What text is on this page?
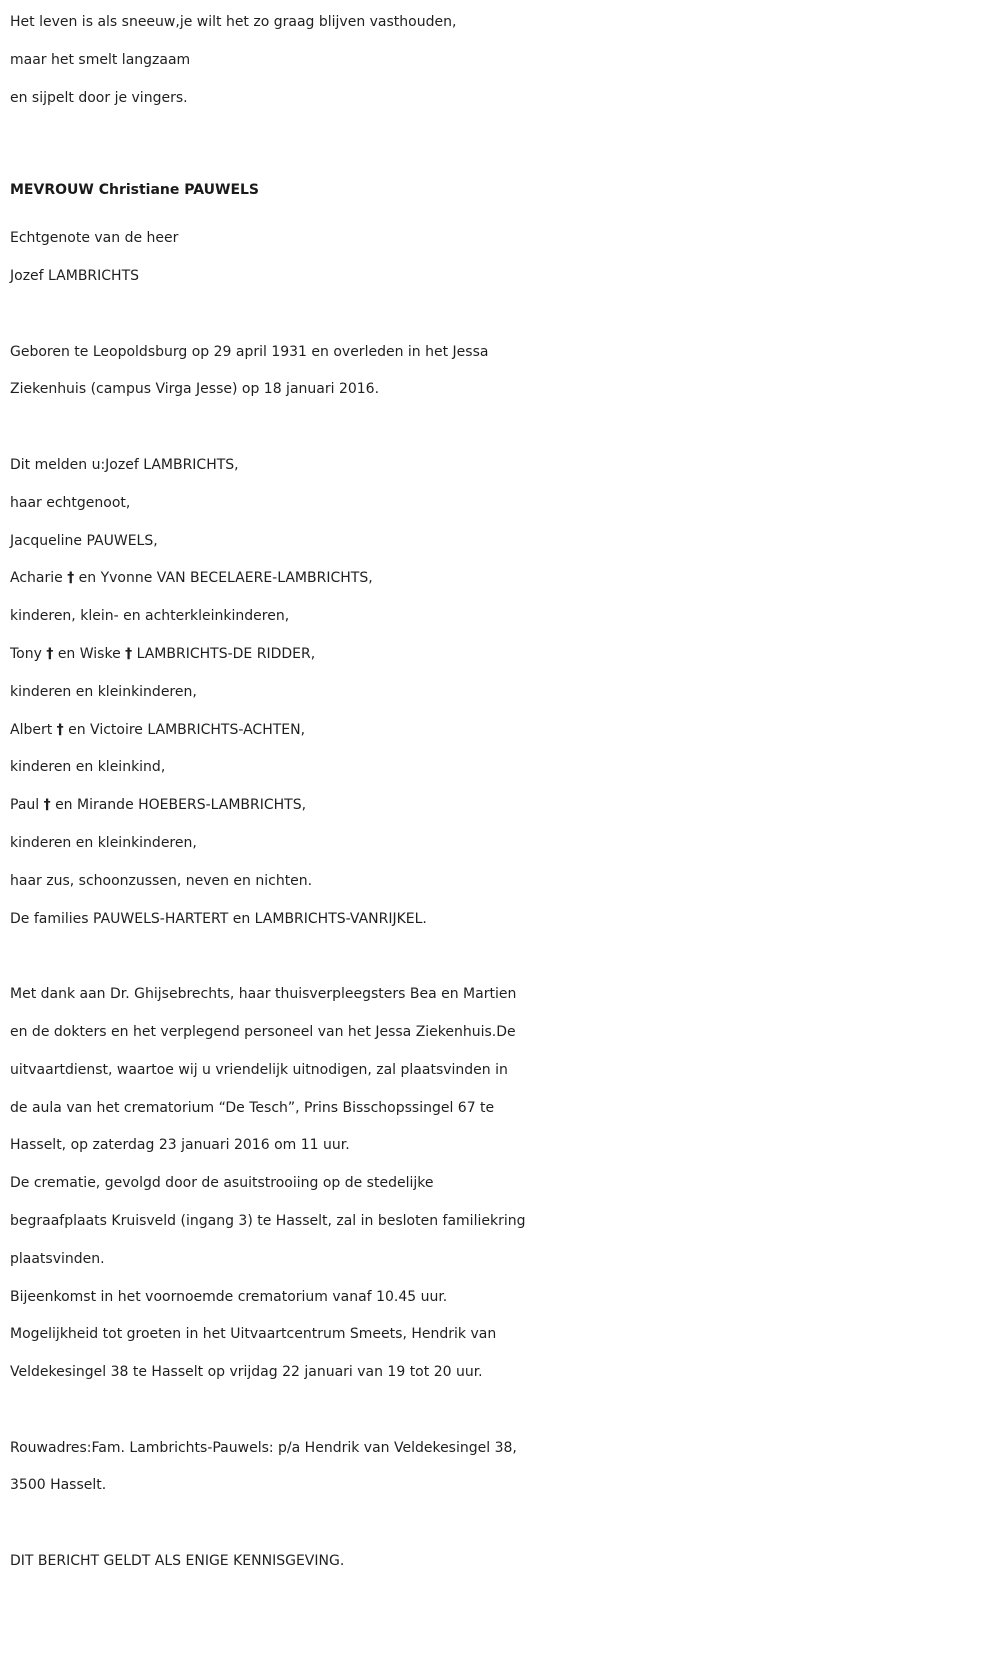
Het leven is als sneeuw,je wilt het zo graag blijven vasthouden,
maar het smelt langzaam
en sijpelt door je vingers.
MEVROUW Christiane PAUWELS
Echtgenote van de heer
Jozef LAMBRICHTS
Geboren te Leopoldsburg op 29 april 1931 en overleden in het Jessa
Ziekenhuis (campus Virga Jesse) op 18 januari 2016.
Dit melden u:Jozef LAMBRICHTS,
haar echtgenoot,
Jacqueline PAUWELS,
Acharie † en Yvonne VAN BECELAERE-LAMBRICHTS,
kinderen, klein- en achterkleinkinderen,
Tony † en Wiske † LAMBRICHTS-DE RIDDER,
kinderen en kleinkinderen,
Albert † en Victoire LAMBRICHTS-ACHTEN,
kinderen en kleinkind,
Paul † en Mirande HOEBERS-LAMBRICHTS,
kinderen en kleinkinderen,
haar zus, schoonzussen, neven en nichten.
De families PAUWELS-HARTERT en LAMBRICHTS-VANRIJKEL.
Met dank aan Dr. Ghijsebrechts, haar thuisverpleegsters Bea en Martien
en de dokters en het verplegend personeel van het Jessa Ziekenhuis.De
uitvaartdienst, waartoe wij u vriendelijk uitnodigen, zal plaatsvinden in
de aula van het crematorium “De Tesch”, Prins Bisschopssingel 67 te
Hasselt, op zaterdag 23 januari 2016 om 11 uur.
De crematie, gevolgd door de asuitstrooiing op de stedelijke
begraafplaats Kruisveld (ingang 3) te Hasselt, zal in besloten familiekring
plaatsvinden.
Bijeenkomst in het voornoemde crematorium vanaf 10.45 uur.
Mogelijkheid tot groeten in het Uitvaartcentrum Smeets, Hendrik van
Veldekesingel 38 te Hasselt op vrijdag 22 januari van 19 tot 20 uur.
Rouwadres:Fam. Lambrichts-Pauwels: p/a Hendrik van Veldekesingel 38,
3500 Hasselt.
DIT BERICHT GELDT ALS ENIGE KENNISGEVING.
